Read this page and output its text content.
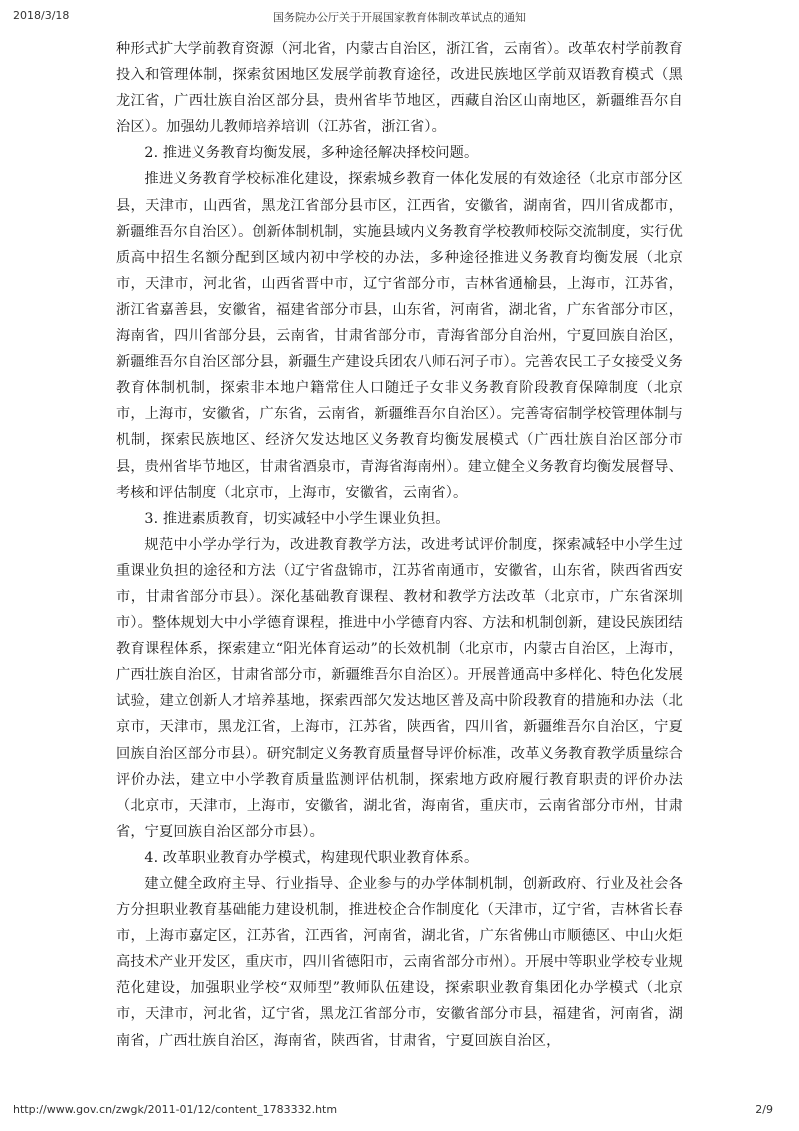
2018/3/18	国务院办公厅关于开展国家教育体制改革试点的通知

种形式扩大学前教育资源（河北省，内蒙古自治区，浙江省，云南省）。改革农村学前教育投入和管理体制，探索贫困地区发展学前教育途径，改进民族地区学前双语教育模式（黑龙江省，广西壮族自治区部分县，贵州省毕节地区，西藏自治区山南地区，新疆维吾尔自治区）。加强幼儿教师培养培训（江苏省，浙江省）。

2. 推进义务教育均衡发展，多种途径解决择校问题。

推进义务教育学校标准化建设，探索城乡教育一体化发展的有效途径（北京市部分区县，天津市，山西省，黑龙江省部分县市区，江西省，安徽省，湖南省，四川省成都市，新疆维吾尔自治区）。创新体制机制，实施县域内义务教育学校教师校际交流制度，实行优质高中招生名额分配到区域内初中学校的办法，多种途径推进义务教育均衡发展（北京市，天津市，河北省，山西省晋中市，辽宁省部分市，吉林省通榆县，上海市，江苏省，浙江省嘉善县，安徽省，福建省部分市县，山东省，河南省，湖北省，广东省部分市区，海南省，四川省部分县，云南省，甘肃省部分市，青海省部分自治州，宁夏回族自治区，新疆维吾尔自治区部分县，新疆生产建设兵团农八师石河子市）。完善农民工子女接受义务教育体制机制，探索非本地户籍常住人口随迁子女非义务教育阶段教育保障制度（北京市，上海市，安徽省，广东省，云南省，新疆维吾尔自治区）。完善寄宿制学校管理体制与机制，探索民族地区、经济欠发达地区义务教育均衡发展模式（广西壮族自治区部分市县，贵州省毕节地区，甘肃省酒泉市，青海省海南州）。建立健全义务教育均衡发展督导、考核和评估制度（北京市，上海市，安徽省，云南省）。

3. 推进素质教育，切实减轻中小学生课业负担。

规范中小学办学行为，改进教育教学方法，改进考试评价制度，探索减轻中小学生过重课业负担的途径和方法（辽宁省盘锦市，江苏省南通市，安徽省，山东省，陕西省西安市，甘肃省部分市县）。深化基础教育课程、教材和教学方法改革（北京市，广东省深圳市）。整体规划大中小学德育课程，推进中小学德育内容、方法和机制创新，建设民族团结教育课程体系，探索建立“阳光体育运动”的长效机制（北京市，内蒙古自治区，上海市，广西壮族自治区，甘肃省部分市，新疆维吾尔自治区）。开展普通高中多样化、特色化发展试验，建立创新人才培养基地，探索西部欠发达地区普及高中阶段教育的措施和办法（北京市，天津市，黑龙江省，上海市，江苏省，陕西省，四川省，新疆维吾尔自治区，宁夏回族自治区部分市县）。研究制定义务教育质量督导评价标准，改革义务教育教学质量综合评价办法，建立中小学教育质量监测评估机制，探索地方政府履行教育职责的评价办法（北京市，天津市，上海市，安徽省，湖北省，海南省，重庆市，云南省部分市州，甘肃省，宁夏回族自治区部分市县）。

4. 改革职业教育办学模式，构建现代职业教育体系。

建立健全政府主导、行业指导、企业参与的办学体制机制，创新政府、行业及社会各方分担职业教育基础能力建设机制，推进校企合作制度化（天津市，辽宁省，吉林省长春市，上海市嘉定区，江苏省，江西省，河南省，湖北省，广东省佛山市顺德区、中山火炬高技术产业开发区，重庆市，四川省德阳市，云南省部分市州）。开展中等职业学校专业规范化建设，加强职业学校“双师型”教师队伍建设，探索职业教育集团化办学模式（北京市，天津市，河北省，辽宁省，黑龙江省部分市，安徽省部分市县，福建省，河南省，湖南省，广西壮族自治区，海南省，陕西省，甘肃省，宁夏回族自治区，

http://www.gov.cn/zwgk/2011-01/12/content_1783332.htm	2/9
